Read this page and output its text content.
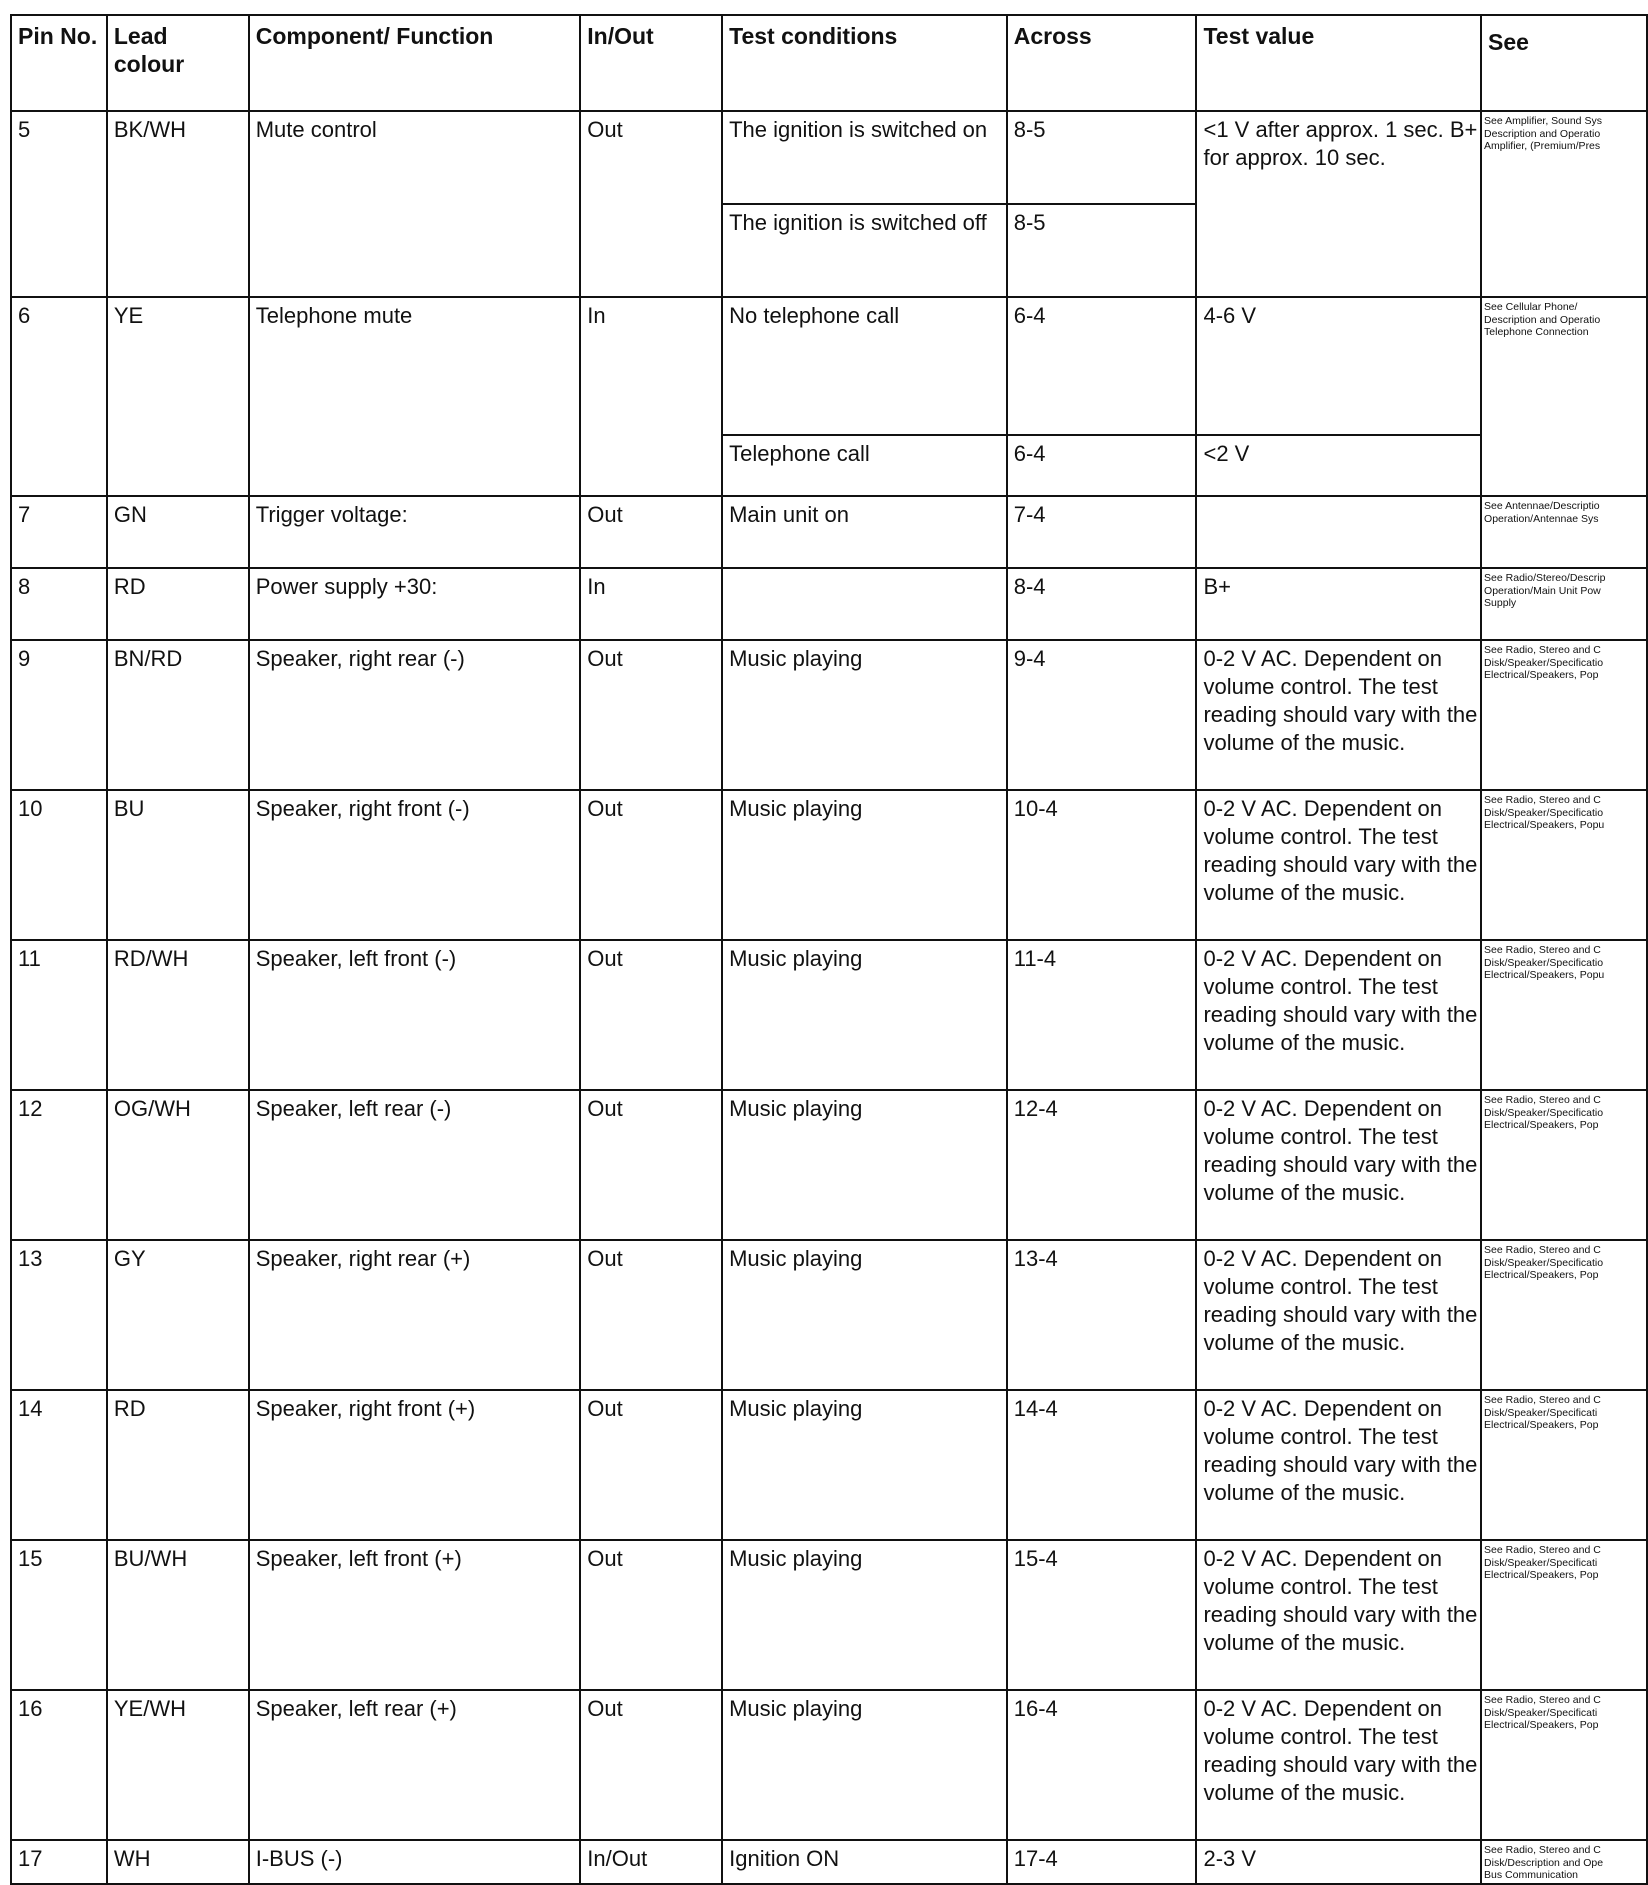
Pin No.	Lead colour	Component/ Function	In/Out	Test conditions	Across	Test value	See
5	BK/WH	Mute control	Out	The ignition is switched on	8-5	<1 V after approx. 1 sec. B+ for approx. 10 sec.	See Amplifier, Sound Sys
Description and Operatio
Amplifier, (Premium/Pres

				The ignition is switched off	8-5		
6	YE	Telephone mute	In	No telephone call	6-4	4-6 V	See Cellular Phone/
Description and Operatio
Telephone Connection

				Telephone call	6-4	<2 V	
7	GN	Trigger voltage:	Out	Main unit on	7-4		See Antennae/Descriptio
Operation/Antennae Sys

8	RD	Power supply +30:	In		8-4	B+	See Radio/Stereo/Descrip
Operation/Main Unit Pow
Supply

9	BN/RD	Speaker, right rear (-)	Out	Music playing	9-4	0-2 V AC. Dependent on volume control. The test reading should vary with the volume of the music.	See Radio, Stereo and C
Disk/Speaker/Specificatio
Electrical/Speakers, Pop

10	BU	Speaker, right front (-)	Out	Music playing	10-4	0-2 V AC. Dependent on volume control. The test reading should vary with the volume of the music.	See Radio, Stereo and C
Disk/Speaker/Specificatio
Electrical/Speakers, Popu

11	RD/WH	Speaker, left front (-)	Out	Music playing	11-4	0-2 V AC. Dependent on volume control. The test reading should vary with the volume of the music.	See Radio, Stereo and C
Disk/Speaker/Specificatio
Electrical/Speakers, Popu

12	OG/WH	Speaker, left rear (-)	Out	Music playing	12-4	0-2 V AC. Dependent on volume control. The test reading should vary with the volume of the music.	See Radio, Stereo and C
Disk/Speaker/Specificatio
Electrical/Speakers, Pop

13	GY	Speaker, right rear (+)	Out	Music playing	13-4	0-2 V AC. Dependent on volume control. The test reading should vary with the volume of the music.	See Radio, Stereo and C
Disk/Speaker/Specificatio
Electrical/Speakers, Pop

14	RD	Speaker, right front (+)	Out	Music playing	14-4	0-2 V AC. Dependent on volume control. The test reading should vary with the volume of the music.	See Radio, Stereo and C
Disk/Speaker/Specificati
Electrical/Speakers, Pop

15	BU/WH	Speaker, left front (+)	Out	Music playing	15-4	0-2 V AC. Dependent on volume control. The test reading should vary with the volume of the music.	See Radio, Stereo and C
Disk/Speaker/Specificati
Electrical/Speakers, Pop

16	YE/WH	Speaker, left rear (+)	Out	Music playing	16-4	0-2 V AC. Dependent on volume control. The test reading should vary with the volume of the music.	See Radio, Stereo and C
Disk/Speaker/Specificati
Electrical/Speakers, Pop

17	WH	I-BUS (-)	In/Out	Ignition ON	17-4	2-3 V	See Radio, Stereo and C
Disk/Description and Ope
Bus Communication
